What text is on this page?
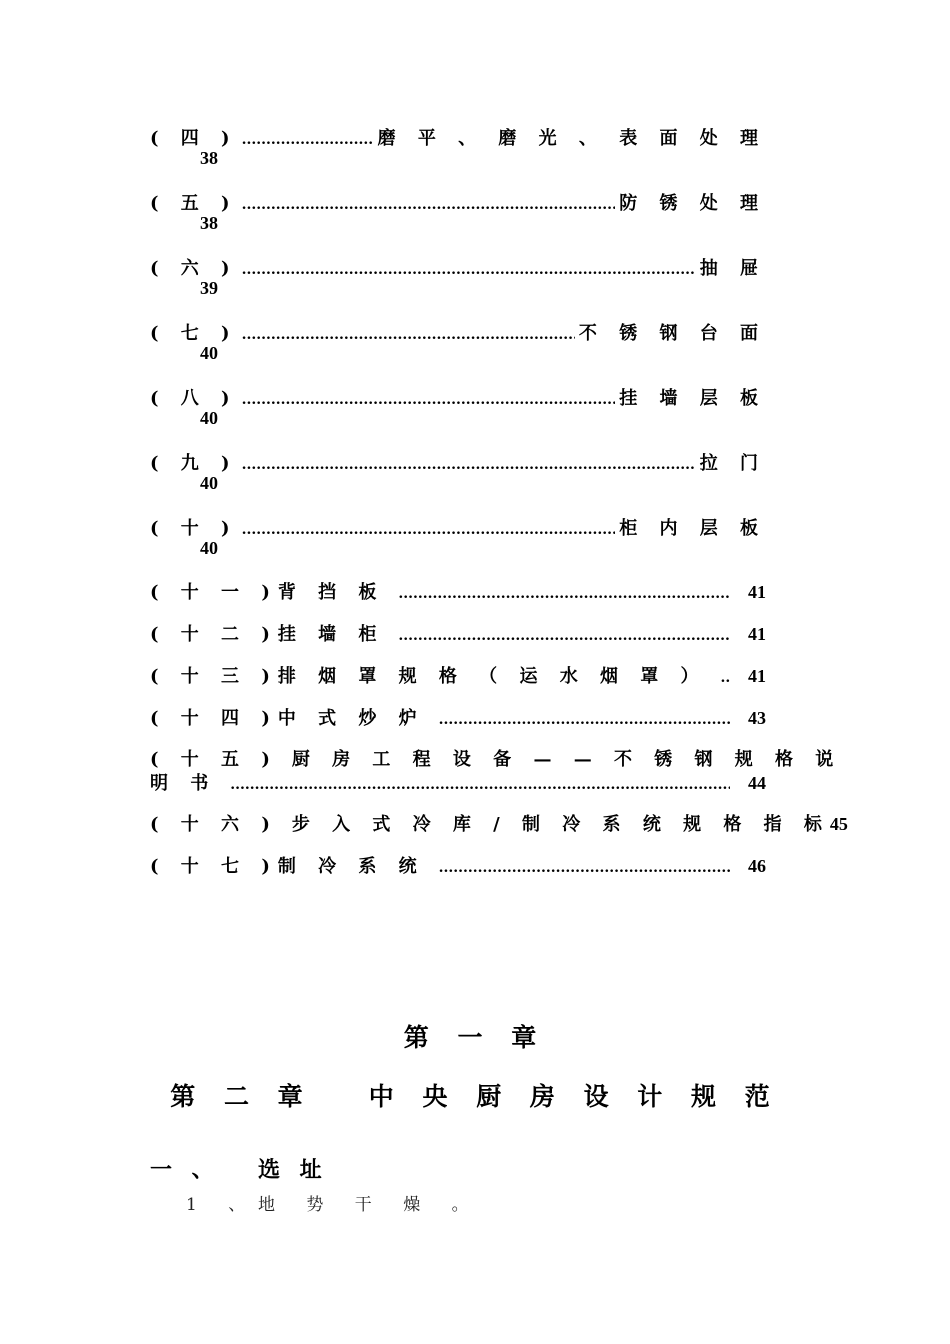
( 四 ) .....	磨 平 、 磨 光 、 表 面 处 理
38
( 五 ) .....	防 锈 处 理
38
( 六 ) .....	抽 屉
39
( 七 ) .....	不 锈 钢 台 面
40
( 八 ) .....	挂 墙 层 板
40
( 九 ) .....	拉 门
40
( 十 ) .....	柜 内 层 板
40
( 十 一 ) 背 挡 板 .....	41
( 十 二 ) 挂 墙 柜 .....	41
( 十 三 ) 排 烟 罩 规 格 （ 运 水 烟 罩 ） ..... 41
( 十 四 ) 中 式 炒 炉 .....	43
( 十 五 ) 厨 房 工 程 设 备 — — 不 锈 钢 规 格 说
明 书 .....	44
( 十 六 ) 步 入 式 冷 库 / 制 冷 系 统 规 格 指 标 45
( 十 七 ) 制 冷 系 统 .....	46
第 一 章
第 二 章   中 央 厨 房 设 计 规 范
一 、 选 址
1 、 地 势 干 燥 。
